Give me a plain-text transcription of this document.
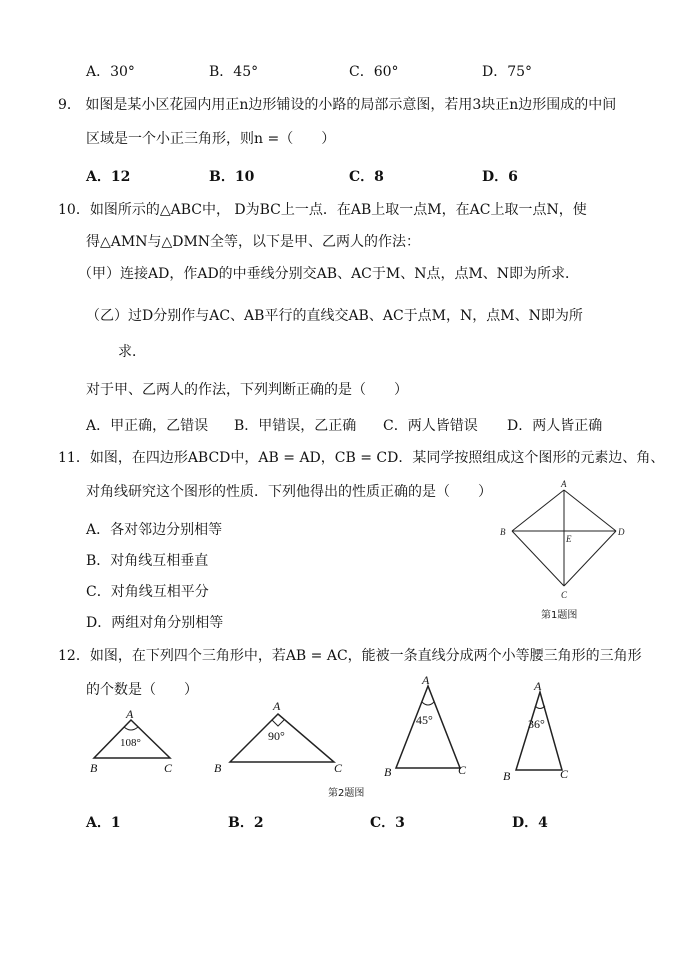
A．30°	B．45°	C．60°	D．75°
9． 如图是某小区花园内用正n边形铺设的小路的局部示意图，若用3块正n边形围成的中间
区域是一个小正三角形，则n =（　　）
A．12	B．10	C．8	D．6
10．如图所示的△ABC中， D为BC上一点．在AB上取一点M，在AC上取一点N，使
得△AMN与△DMN全等，以下是甲、乙两人的作法：
（甲）连接AD，作AD的中垂线分别交AB、AC于M、N点，点M、N即为所求．
（乙）过D分别作与AC、AB平行的直线交AB、AC于点M，N，点M、N即为所
求．
对于甲、乙两人的作法，下列判断正确的是（　　）
A．甲正确，乙错误 B．甲错误，乙正确 C．两人皆错误 D．两人皆正确
11．如图，在四边形ABCD中，AB = AD，CB = CD．某同学按照组成这个图形的元素边、角、
对角线研究这个图形的性质．下列他得出的性质正确的是（　　）
A．各对邻边分别相等
B．对角线互相垂直
C．对角线互相平分
D．两组对角分别相等
A
B
C
D
E
第1题图
12．如图，在下列四个三角形中，若AB = AC，能被一条直线分成两个小等腰三角形的三角形
的个数是（　　）
108°
A
B	C
90°
A
B	C
45°
A
B	C
36°
A
B	C
第2题图
A．1	B．2	C．3	D．4
